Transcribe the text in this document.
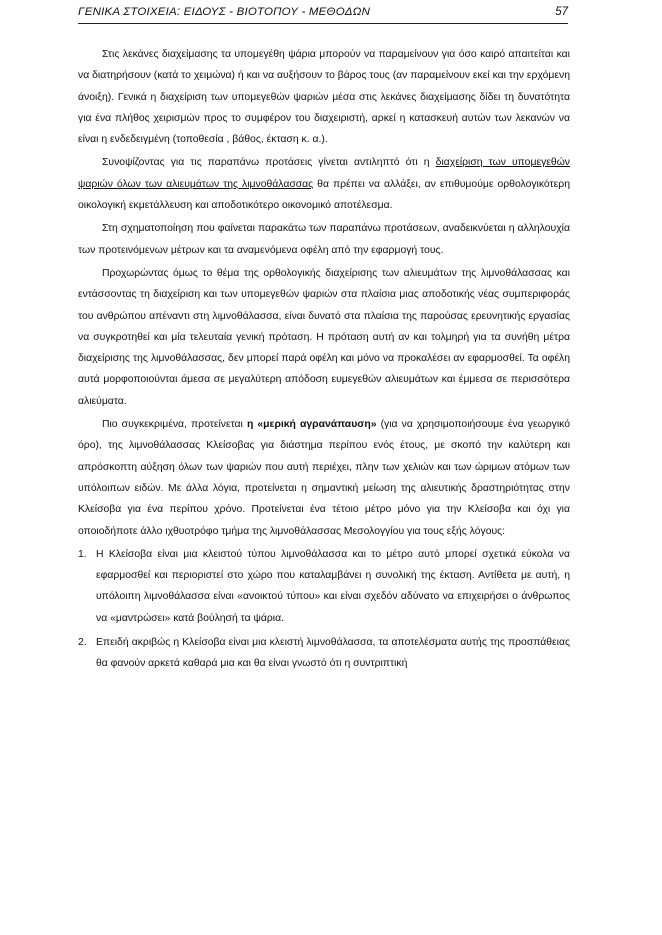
ΓΕΝΙΚΑ ΣΤΟΙΧΕΙΑ: ΕΙΔΟΥΣ - ΒΙΟΤΟΠΟΥ - ΜΕΘΟΔΩΝ	57

Στις λεκάνες διαχείμασης τα υπομεγέθη ψάρια μπορούν να παραμείνουν για όσο καιρό απαιτείται και να διατηρήσουν (κατά το χειμώνα) ή και να αυξήσουν το βάρος τους (αν παραμείνουν εκεί και την ερχόμενη άνοιξη). Γενικά η διαχείριση των υπομεγεθών ψαριών μέσα στις λεκάνες διαχείμασης δίδει τη δυνατότητα για ένα πλήθος χειρισμών προς το συμφέρον του διαχειριστή, αρκεί η κατασκευή αυτών των λεκανών να είναι η ενδεδειγμένη (τοποθεσία , βάθος, έκταση κ. α.).

Συνοψίζοντας για τις παραπάνω προτάσεις γίνεται αντιληπτό ότι η διαχείριση των υπομεγεθών ψαριών όλων των αλιευμάτων της λιμνοθάλασσας θα πρέπει να αλλάξει, αν επιθυμούμε ορθολογικότερη οικολογική εκμετάλλευση και αποδοτικότερο οικονομικό αποτέλεσμα.

Στη σχηματοποίηση που φαίνεται παρακάτω των παραπάνω προτάσεων, αναδεικνύεται η αλληλουχία των προτεινόμενων μέτρων και τα αναμενόμενα οφέλη από την εφαρμογή τους.

Προχωρώντας όμως το θέμα της ορθολογικής διαχείρισης των αλιευμάτων της λιμνοθάλασσας και εντάσσοντας τη διαχείριση και των υπομεγεθών ψαριών στα πλαίσια μιας αποδοτικής νέας συμπεριφοράς του ανθρώπου απέναντι στη λιμνοθάλασσα, είναι δυνατό στα πλαίσια της παρούσας ερευνητικής εργασίας να συγκροτηθεί και μία τελευταία γενική πρόταση. Η πρόταση αυτή αν και τολμηρή για τα συνήθη μέτρα διαχείρισης της λιμνοθάλασσας, δεν μπορεί παρά οφέλη και μόνο να προκαλέσει αν εφαρμοσθεί. Τα οφέλη αυτά μορφοποιούνται άμεσα σε μεγαλύτερη απόδοση ευμεγεθών αλιευμάτων και έμμεσα σε περισσότερα αλιεύματα.

Πιο συγκεκριμένα, προτείνεται η «μερική αγρανάπαυση» (για να χρησιμοποιήσουμε ένα γεωργικό όρο), της λιμνοθάλασσας Κλείσοβας για διάστημα περίπου ενός έτους, με σκοπό την καλύτερη και απρόσκοπτη αύξηση όλων των ψαριών που αυτή περιέχει, πλην των χελιών και των ώριμων ατόμων των υπόλοιπων ειδών. Με άλλα λόγια, προτείνεται η σημαντική μείωση της αλιευτικής δραστηριότητας στην Κλείσοβα για ένα περίπου χρόνο. Προτείνεται ένα τέτοιο μέτρο μόνο για την Κλείσοβα και όχι για οποιοδήποτε άλλο ιχθυοτρόφο τμήμα της λιμνοθάλασσας Μεσολογγίου για τους εξής λόγους:

1. Η Κλείσοβα είναι μια κλειστού τύπου λιμνοθάλασσα και το μέτρο αυτό μπορεί σχετικά εύκολα να εφαρμοσθεί και περιοριστεί στο χώρο που καταλαμβάνει η συνολική της έκταση. Αντίθετα με αυτή, η υπόλοιπη λιμνοθάλασσα είναι «ανοικτού τύπου» και είναι σχεδόν αδύνατο να επιχειρήσει ο άνθρωπος να «μαντρώσει» κατά βούλησή τα ψάρια.
2. Επειδή ακριβώς η Κλείσοβα είναι μια κλειστή λιμνοθάλασσα, τα αποτελέσματα αυτής της προσπάθειας θα φανούν αρκετά καθαρά μια και θα είναι γνωστό ότι η συντριπτική
